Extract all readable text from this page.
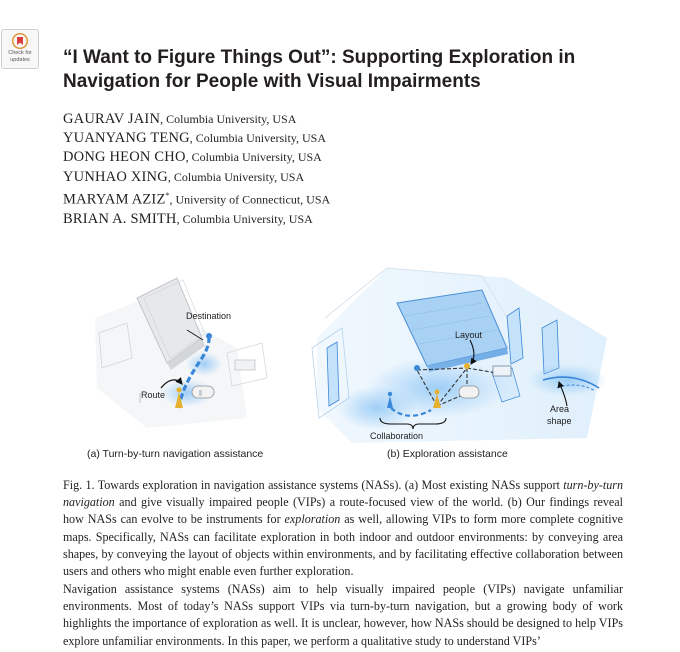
Check for
updates “I Want to Figure Things Out”: Supporting Exploration in Navigation for People with Visual Impairments
GAURAV JAIN, Columbia University, USA
YUANYANG TENG, Columbia University, USA
DONG HEON CHO, Columbia University, USA
YUNHAO XING, Columbia University, USA
MARYAM AZIZ*, University of Connecticut, USA
BRIAN A. SMITH, Columbia University, USA
Destination
Route
Layout
Area
shape
Collaboration
(a) Turn-by-turn navigation assistance	(b) Exploration assistance
Fig. 1. Towards exploration in navigation assistance systems (NASs). (a) Most existing NASs support turn-by-turn navigation and give visually impaired people (VIPs) a route-focused view of the world. (b) Our findings reveal how NASs can evolve to be instruments for exploration as well, allowing VIPs to form more complete cognitive maps. Specifically, NASs can facilitate exploration in both indoor and outdoor environments: by conveying area shapes, by conveying the layout of objects within environments, and by facilitating effective collaboration between users and others who might enable even further exploration.
Navigation assistance systems (NASs) aim to help visually impaired people (VIPs) navigate unfamiliar environments. Most of today’s NASs support VIPs via turn-by-turn navigation, but a growing body of work highlights the importance of exploration as well. It is unclear, however, how NASs should be designed to help VIPs explore unfamiliar environments. In this paper, we perform a qualitative study to understand VIPs’
